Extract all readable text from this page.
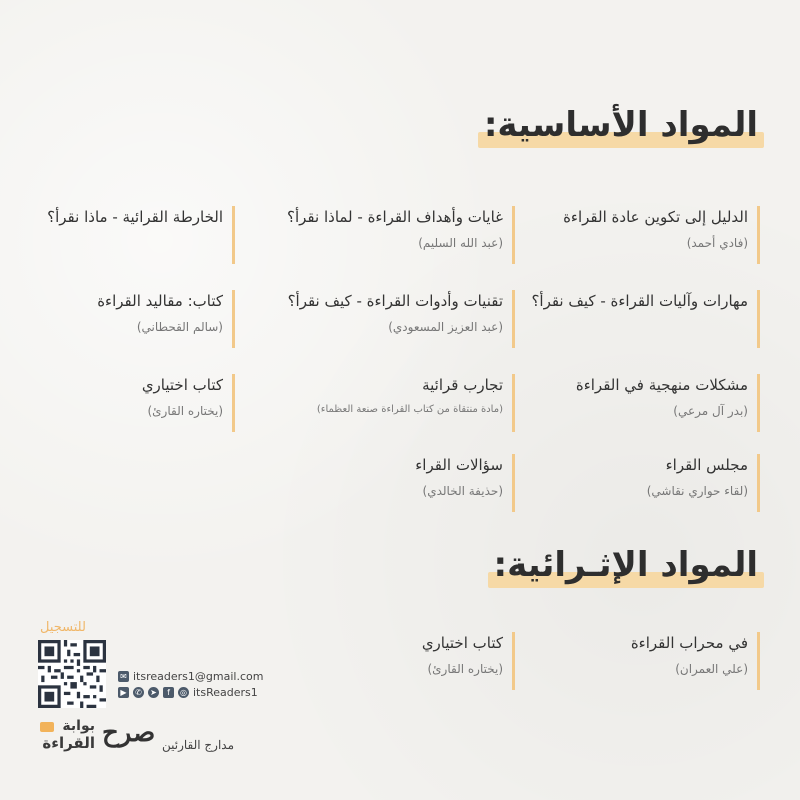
المواد الأساسية:
المواد الإثـرائية:
الدليل إلى تكوين عادة القراءة
(فادي أحمد)
غايات وأهداف القراءة - لماذا نقرأ؟
(عبد الله السليم)
الخارطة القرائية - ماذا نقرأ؟
مهارات وآليات القراءة - كيف نقرأ؟
تقنيات وأدوات القراءة - كيف نقرأ؟
(عبد العزيز المسعودي)
كتاب: مقاليد القراءة
(سالم القحطاني)
مشكلات منهجية في القراءة
(بدر آل مرعي)
تجارب قرائية
(مادة منتقاة من كتاب القراءة صنعة العظماء)
كتاب اختياري
(يختاره القارئ)
مجلس القراء
(لقاء حواري نقاشي)
سؤالات القراء
(حذيفة الخالدي)
في محراب القراءة
(علي العمران)
كتاب اختياري
(يختاره القارئ)
للتسجيل
✉ itsreaders1@gmail.com
▶	✆ ➤	f	◎ itsReaders1
بوابة
القراءة صرح مدارج القارئين
